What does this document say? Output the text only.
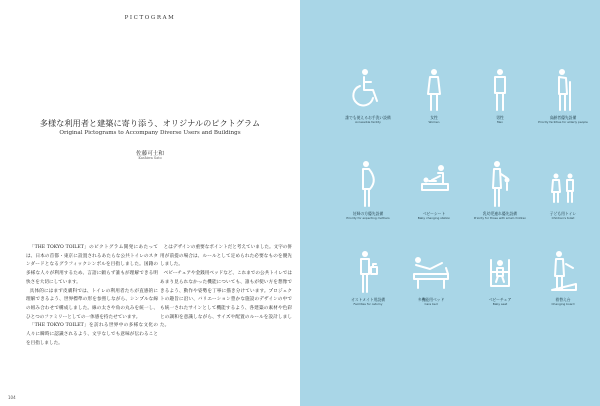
PICTOGRAM
多様な利用者と建築に寄り添う、オリジナルのピクトグラム
Original Pictograms to Accompany Diverse Users and Buildings
佐藤可士和
Kashiwa Sato

「THE TOKYO TOILET」のピクトグラム開発にあたっては、日本の首都・東京に設置されるあたらな公共トイレのスタンダードとなるグラフィックシンボルを目指しました。国籍の多様な人々が利用するため、言語に頼らず誰もが理解できる明快さを大切にしています。

具体的にはまず皮膚科では、トイレの利用者たちが直感的に理解できるよう、世界標準の形を参照しながら、シンプルな線の組み合わせで構成しました。線の太さや角の丸みを統一し、ひとつのファミリーとしての一体感を持たせています。

「THE TOKYO TOILET」を訪れる世界中の多様な文化の人々に瞬時に認識されるよう、文字なしでも意味が伝わることを目指しました。

とはデザインの重要なポイントだと考えていました。文字の併用が前提の場合は、ルールとして定められた必要なものを優先しました。

ベビーチェアや金銭用ベッドなど、これまでの公共トイレではあまり見られなかった機能についても、誰もが使い方を想像できるよう、動作や姿勢を丁寧に描き分けています。プロジェクトの趣旨に沿い、バリエーション豊かな施設のデザインの中でも統一されたサインとして機能するよう、各建築の素材や色彩との調和を意識しながら、サイズや配置のルールを設計しました。

104
誰でも使えるお手洗い設備
Accessible facility
女性
Women
男性
Men
高齢者優先設備
Priority facilities for elderly people
妊婦の方優先設備
Priority for expecting mothers
ベビーシート
Baby changing station
乳幼児連れ優先設備
Priority for those with small children
子ども用トイレ
Children's toilet
オストメイト用設備
Facilities for ostomy
多機能用ベッド
Care bed
ベビーチェア
Baby seat
着替え台
Changing board
